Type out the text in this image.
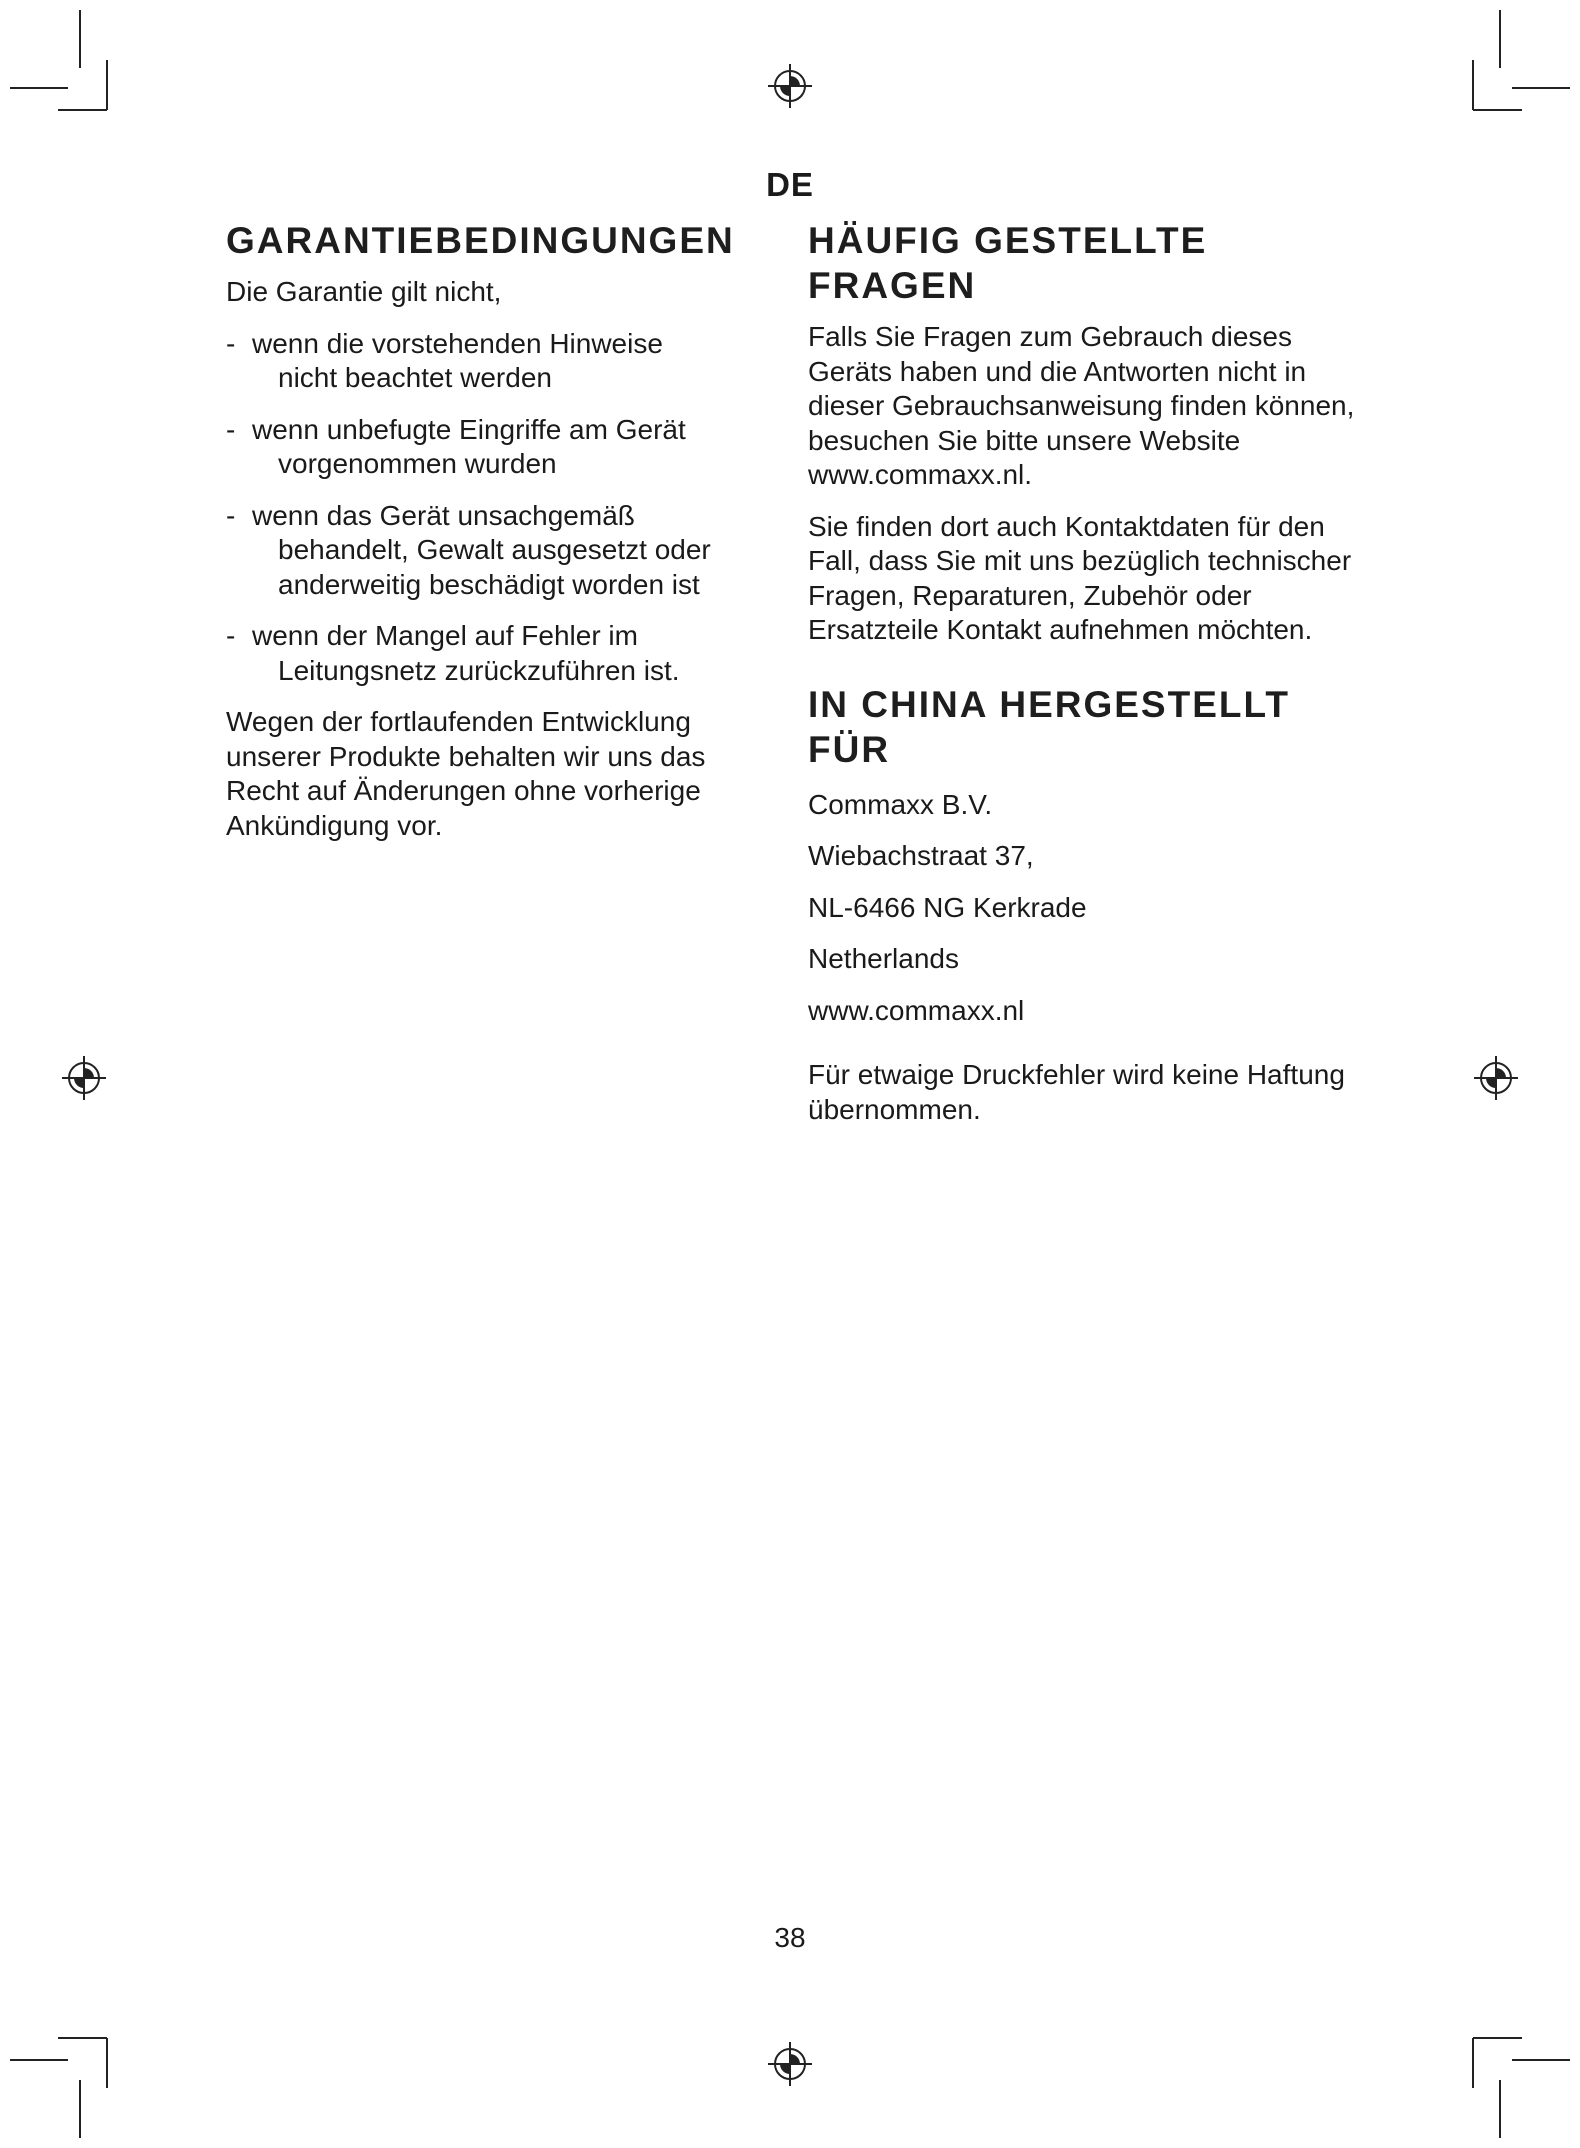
DE
GARANTIEBEDINGUNGEN

Die Garantie gilt nicht,

- wenn die vorstehenden Hinweise
nicht beachtet werden
- wenn unbefugte Eingriffe am Gerät
vorgenommen wurden
- wenn das Gerät unsachgemäß
behandelt, Gewalt ausgesetzt oder anderweitig beschädigt worden ist
- wenn der Mangel auf Fehler im
Leitungsnetz zurückzuführen ist.

Wegen der fortlaufenden Entwicklung unserer Produkte behalten wir uns das Recht auf Änderungen ohne vorherige Ankündigung vor.

HÄUFIG GESTELLTE FRAGEN

Falls Sie Fragen zum Gebrauch dieses Geräts haben und die Antworten nicht in dieser Gebrauchsanweisung finden können, besuchen Sie bitte unsere Website www.commaxx.nl.

Sie finden dort auch Kontaktdaten für den Fall, dass Sie mit uns bezüglich technischer Fragen, Reparaturen, Zubehör oder Ersatzteile Kontakt aufnehmen möchten.

IN CHINA HERGESTELLT FÜR

Commaxx B.V.

Wiebachstraat 37,

NL-6466 NG Kerkrade

Netherlands

www.commaxx.nl

Für etwaige Druckfehler wird keine Haftung übernommen.

38
